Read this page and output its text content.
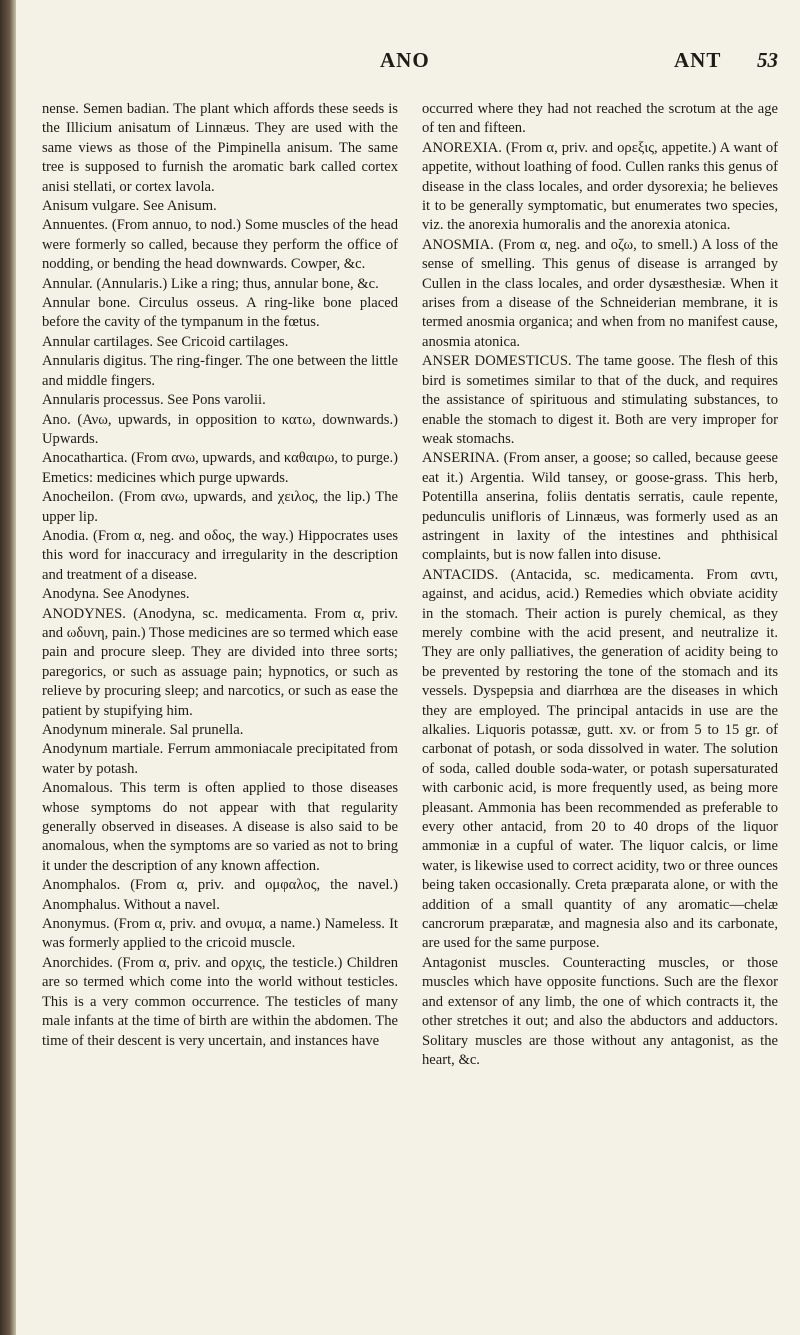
ANO	ANT 53

nense. Semen badian. The plant which affords these seeds is the Illicium anisatum of Linnæus. They are used with the same views as those of the Pimpinella anisum. The same tree is supposed to furnish the aromatic bark called cortex anisi stellati, or cortex lavola.

Anisum vulgare. See Anisum.

Annuentes. (From annuo, to nod.) Some muscles of the head were formerly so called, because they perform the office of nodding, or bending the head downwards. Cowper, &c.

Annular. (Annularis.) Like a ring; thus, annular bone, &c.

Annular bone. Circulus osseus. A ring-like bone placed before the cavity of the tympanum in the fœtus.

Annular cartilages. See Cricoid cartilages.

Annularis digitus. The ring-finger. The one between the little and middle fingers.

Annularis processus. See Pons varolii.

Ano. (Ανω, upwards, in opposition to κατω, downwards.) Upwards.

Anocathartica. (From ανω, upwards, and καθαιρω, to purge.) Emetics: medicines which purge upwards.

Anocheilon. (From ανω, upwards, and χειλος, the lip.) The upper lip.

Anodia. (From α, neg. and οδος, the way.) Hippocrates uses this word for inaccuracy and irregularity in the description and treatment of a disease.

Anodyna. See Anodynes.

ANODYNES. (Anodyna, sc. medicamenta. From α, priv. and ωδυνη, pain.) Those medicines are so termed which ease pain and procure sleep. They are divided into three sorts; paregorics, or such as assuage pain; hypnotics, or such as relieve by procuring sleep; and narcotics, or such as ease the patient by stupifying him.

Anodynum minerale. Sal prunella.

Anodynum martiale. Ferrum ammoniacale precipitated from water by potash.

Anomalous. This term is often applied to those diseases whose symptoms do not appear with that regularity generally observed in diseases. A disease is also said to be anomalous, when the symptoms are so varied as not to bring it under the description of any known affection.

Anomphalos. (From α, priv. and ομφαλος, the navel.) Anomphalus. Without a navel.

Anonymus. (From α, priv. and ονυμα, a name.) Nameless. It was formerly applied to the cricoid muscle.

Anorchides. (From α, priv. and ορχις, the testicle.) Children are so termed which come into the world without testicles. This is a very common occurrence. The testicles of many male infants at the time of birth are within the abdomen. The time of their descent is very uncertain, and instances have

occurred where they had not reached the scrotum at the age of ten and fifteen.

ANOREXIA. (From α, priv. and ορεξις, appetite.) A want of appetite, without loathing of food. Cullen ranks this genus of disease in the class locales, and order dysorexia; he believes it to be generally symptomatic, but enumerates two species, viz. the anorexia humoralis and the anorexia atonica.

ANOSMIA. (From α, neg. and οζω, to smell.) A loss of the sense of smelling. This genus of disease is arranged by Cullen in the class locales, and order dysæsthesiæ. When it arises from a disease of the Schneiderian membrane, it is termed anosmia organica; and when from no manifest cause, anosmia atonica.

ANSER DOMESTICUS. The tame goose. The flesh of this bird is sometimes similar to that of the duck, and requires the assistance of spirituous and stimulating substances, to enable the stomach to digest it. Both are very improper for weak stomachs.

ANSERINA. (From anser, a goose; so called, because geese eat it.) Argentia. Wild tansey, or goose-grass. This herb, Potentilla anserina, foliis dentatis serratis, caule repente, pedunculis unifloris of Linnæus, was formerly used as an astringent in laxity of the intestines and phthisical complaints, but is now fallen into disuse.

ANTACIDS. (Antacida, sc. medicamenta. From αντι, against, and acidus, acid.) Remedies which obviate acidity in the stomach. Their action is purely chemical, as they merely combine with the acid present, and neutralize it. They are only palliatives, the generation of acidity being to be prevented by restoring the tone of the stomach and its vessels. Dyspepsia and diarrhœa are the diseases in which they are employed. The principal antacids in use are the alkalies. Liquoris potassæ, gutt. xv. or from 5 to 15 gr. of carbonat of potash, or soda dissolved in water. The solution of soda, called double soda-water, or potash supersaturated with carbonic acid, is more frequently used, as being more pleasant. Ammonia has been recommended as preferable to every other antacid, from 20 to 40 drops of the liquor ammoniæ in a cupful of water. The liquor calcis, or lime water, is likewise used to correct acidity, two or three ounces being taken occasionally. Creta præparata alone, or with the addition of a small quantity of any aromatic—chelæ cancrorum præparatæ, and magnesia also and its carbonate, are used for the same purpose.

Antagonist muscles. Counteracting muscles, or those muscles which have opposite functions. Such are the flexor and extensor of any limb, the one of which contracts it, the other stretches it out; and also the abductors and adductors. Solitary muscles are those without any antagonist, as the heart, &c.
